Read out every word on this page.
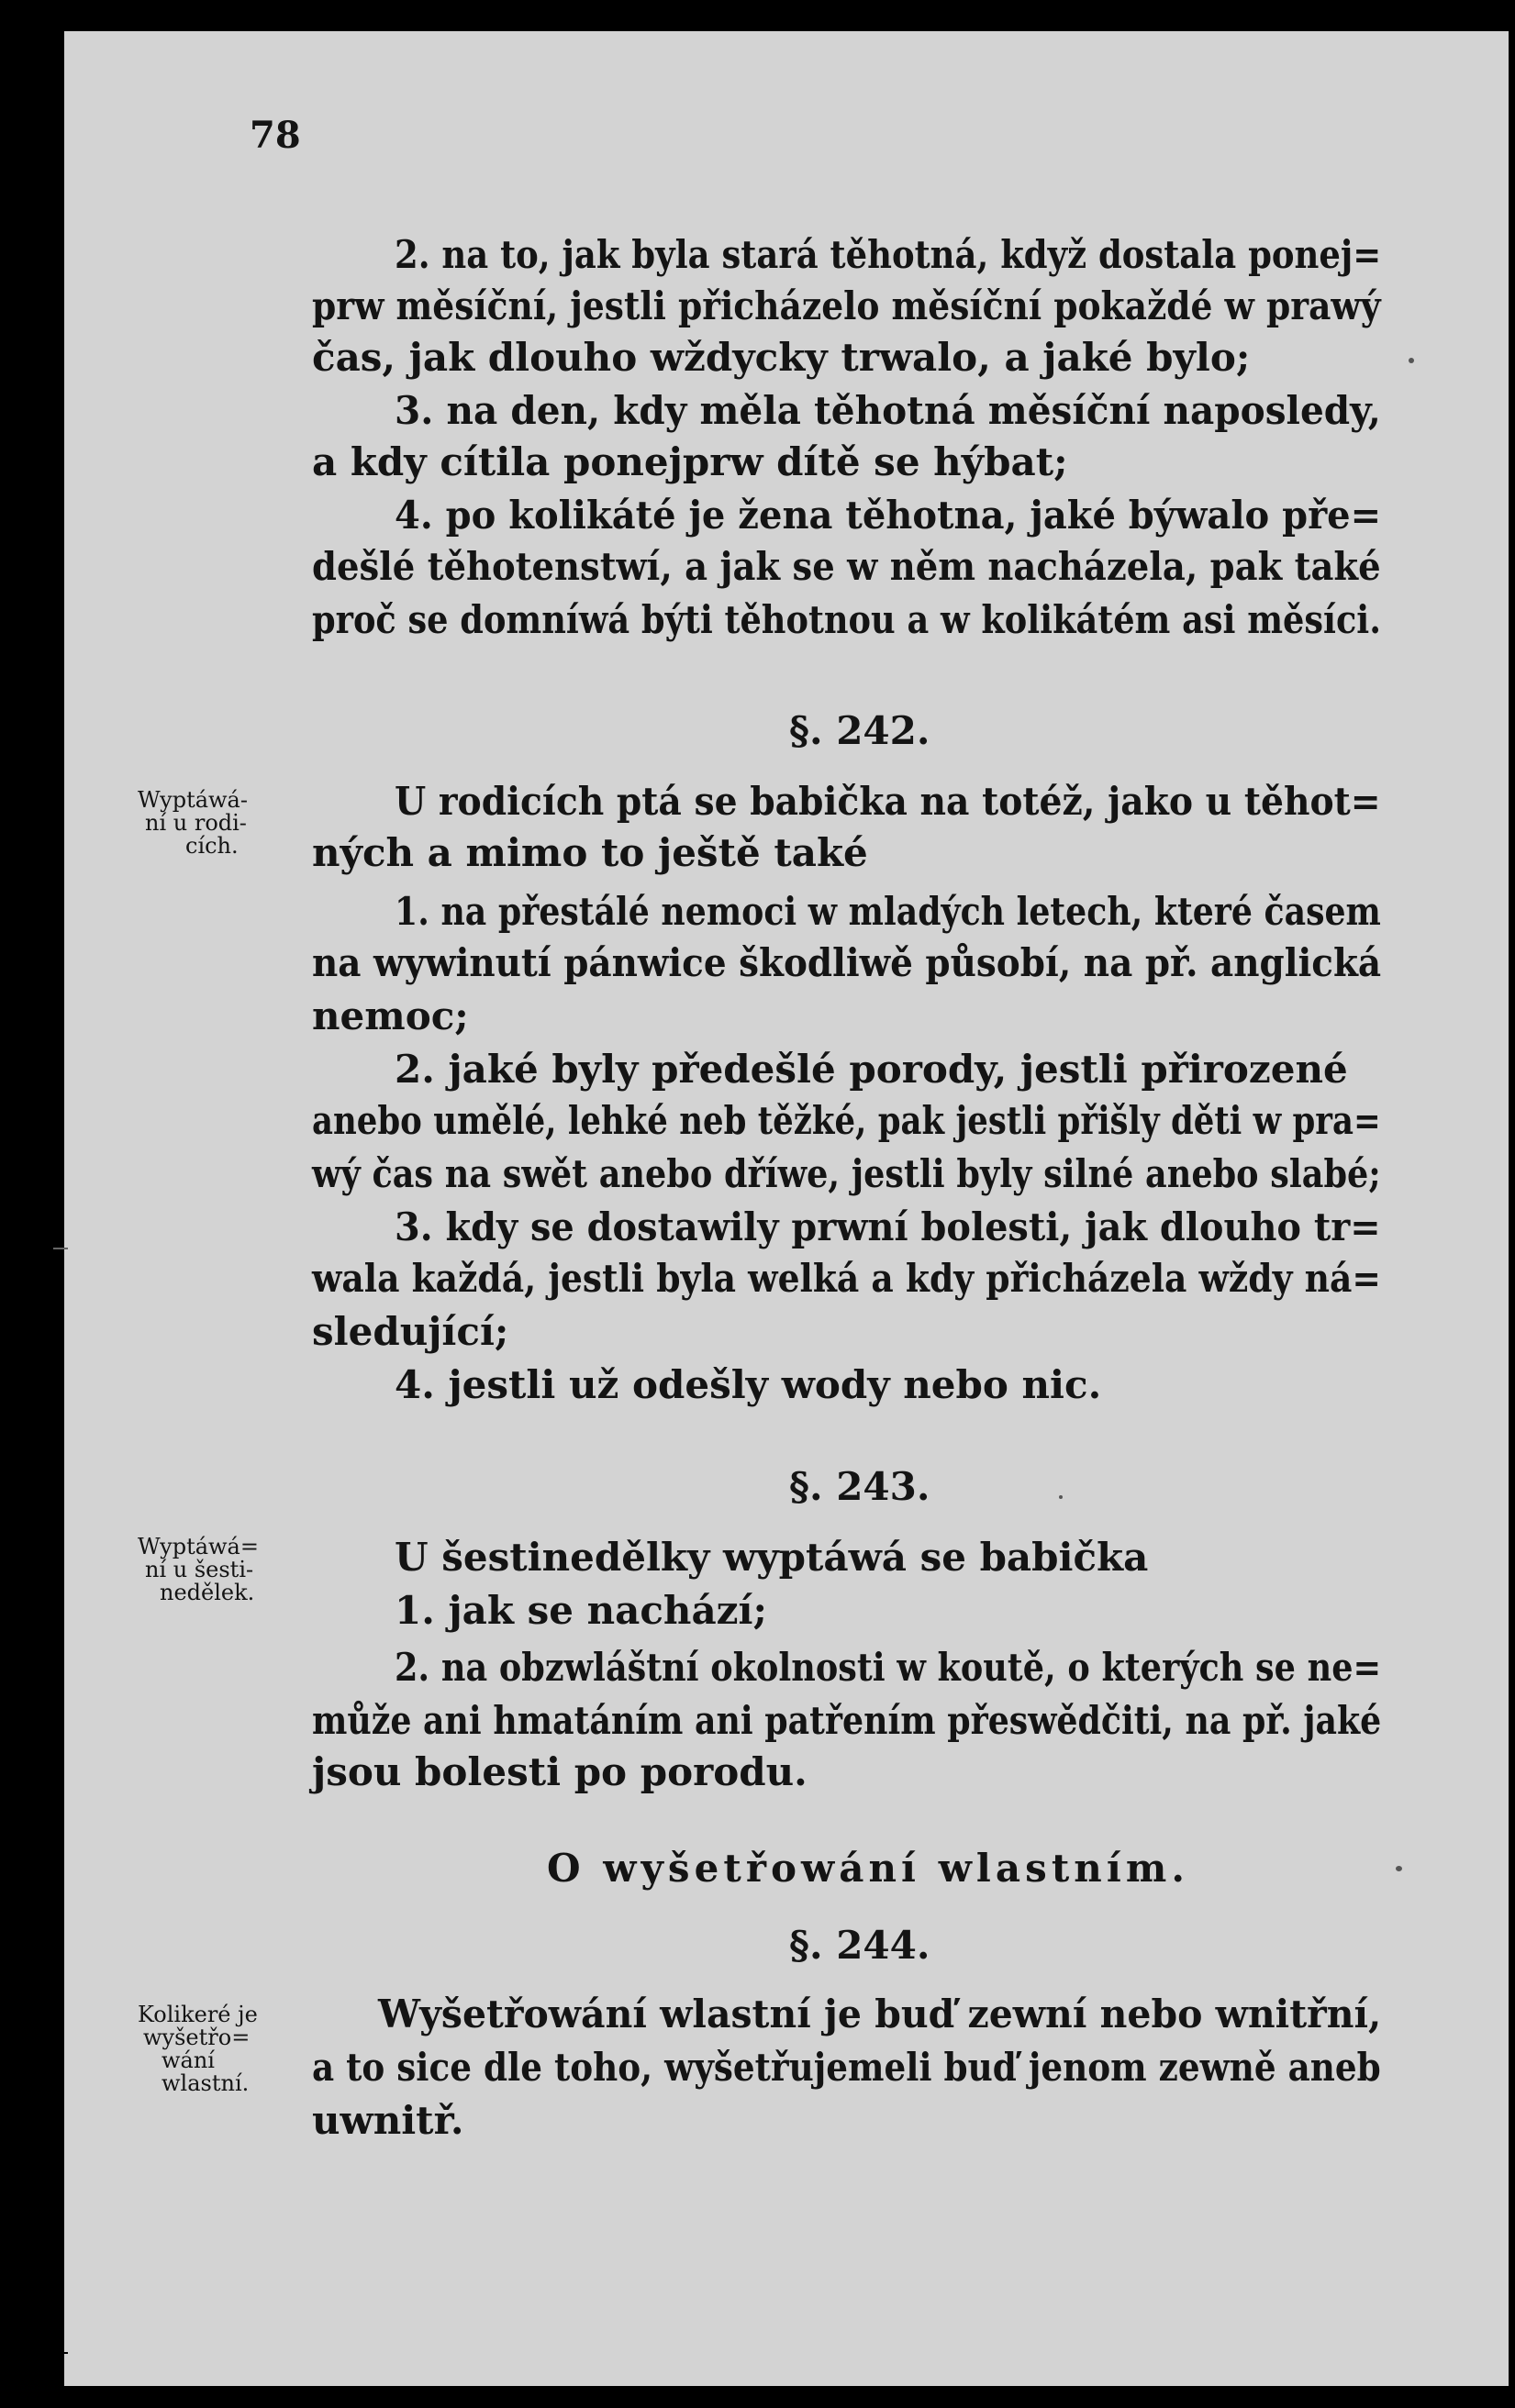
78
2. na to, jak byla stará těhotná, když dostala ponej=
prw měsíční, jestli přicházelo měsíční pokaždé w prawý
čas, jak dlouho wždycky trwalo, a jaké bylo;
3. na den, kdy měla těhotná měsíční naposledy,
a kdy cítila ponejprw dítě se hýbat;
4. po kolikáté je žena těhotna, jaké býwalo pře=
dešlé těhotenstwí, a jak se w něm nacházela, pak také
proč se domníwá býti těhotnou a w kolikátém asi měsíci.
§. 242.
Wyptáwá-
ní u rodi-
cích.
U rodicích ptá se babička na totéž, jako u těhot=
ných a mimo to ještě také
1. na přestálé nemoci w mladých letech, které časem
na wywinutí pánwice škodliwě působí, na př. anglická
nemoc;
2. jaké byly předešlé porody, jestli přirozené
anebo umělé, lehké neb těžké, pak jestli přišly děti w pra=
wý čas na swět anebo dříwe, jestli byly silné anebo slabé;
3. kdy se dostawily prwní bolesti, jak dlouho tr=
wala každá, jestli byla welká a kdy přicházela wždy ná=
sledující;
4. jestli už odešly wody nebo nic.
§. 243.
Wyptáwá=
ní u šesti-
nedělek.
U šestinedělky wyptáwá se babička
1. jak se nachází;
2. na obzwláštní okolnosti w koutě, o kterých se ne=
může ani hmatáním ani patřením přeswědčiti, na př. jaké
jsou bolesti po porodu.
O wyšetřowání wlastním.
§. 244.
Kolikeré je
wyšetřo=
wání
wlastní.
Wyšetřowání wlastní je buď zewní nebo wnitřní,
a to sice dle toho, wyšetřujemeli buď jenom zewně aneb
uwnitř.
